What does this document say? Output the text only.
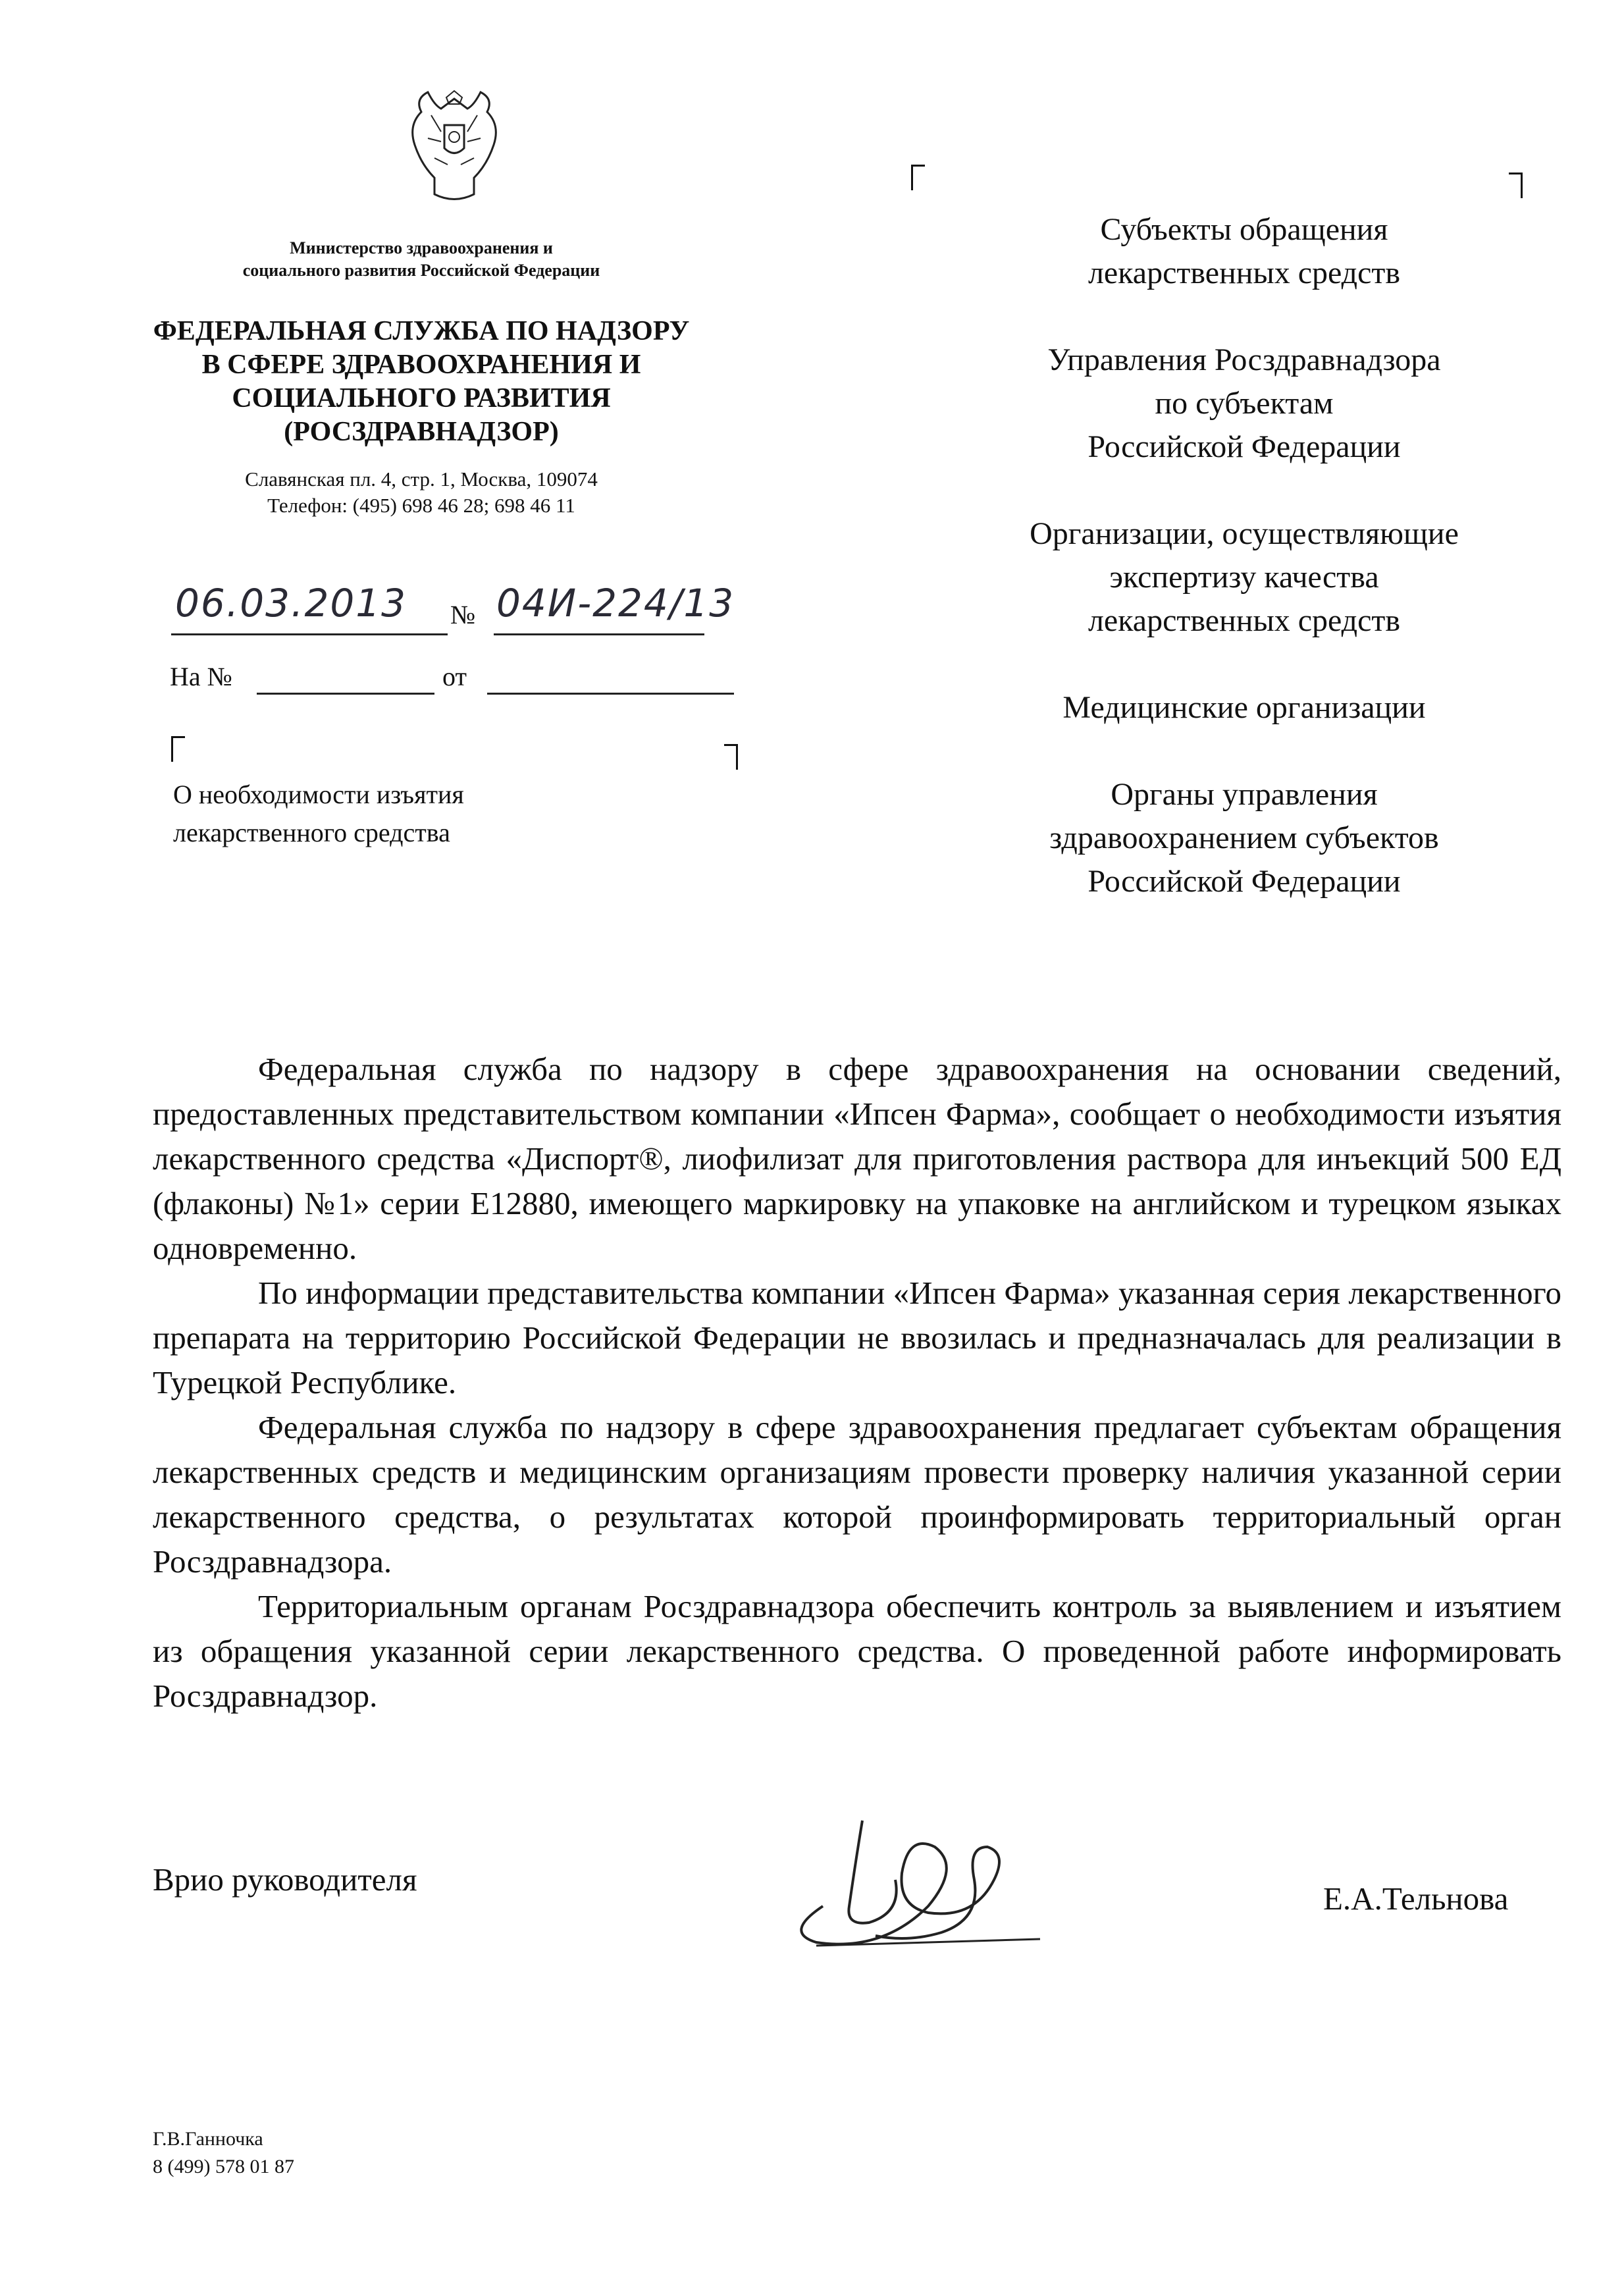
Министерство здравоохранения и
социального развития Российской Федерации
ФЕДЕРАЛЬНАЯ СЛУЖБА ПО НАДЗОРУ
В СФЕРЕ ЗДРАВООХРАНЕНИЯ И
СОЦИАЛЬНОГО РАЗВИТИЯ
(РОСЗДРАВНАДЗОР)
Славянская пл. 4, стр. 1, Москва, 109074
Телефон: (495) 698 46 28; 698 46 11
06.03.2013 № 04И-224/13
На №	от
О необходимости изъятия
лекарственного средства

Субъекты обращения
лекарственных средств

Управления Росздравнадзора
по субъектам
Российской Федерации

Организации, осуществляющие
экспертизу качества
лекарственных средств

Медицинские организации

Органы управления
здравоохранением субъектов
Российской Федерации

Федеральная служба по надзору в сфере здравоохранения на основании сведений, предоставленных представительством компании «Ипсен Фарма», сообщает о необходимости изъятия лекарственного средства «Диспорт®, лиофилизат для приготовления раствора для инъекций 500 ЕД (флаконы) №1» серии E12880, имеющего маркировку на упаковке на английском и турецком языках одновременно.

По информации представительства компании «Ипсен Фарма» указанная серия лекарственного препарата на территорию Российской Федерации не ввозилась и предназначалась для реализации в Турецкой Республике.

Федеральная служба по надзору в сфере здравоохранения предлагает субъектам обращения лекарственных средств и медицинским организациям провести проверку наличия указанной серии лекарственного средства, о результатах которой проинформировать территориальный орган Росздравнадзора.

Территориальным органам Росздравнадзора обеспечить контроль за выявлением и изъятием из обращения указанной серии лекарственного средства. О проведенной работе информировать Росздравнадзор.

Врио руководителя
Е.А.Тельнова
Г.В.Ганночка
8 (499) 578 01 87
